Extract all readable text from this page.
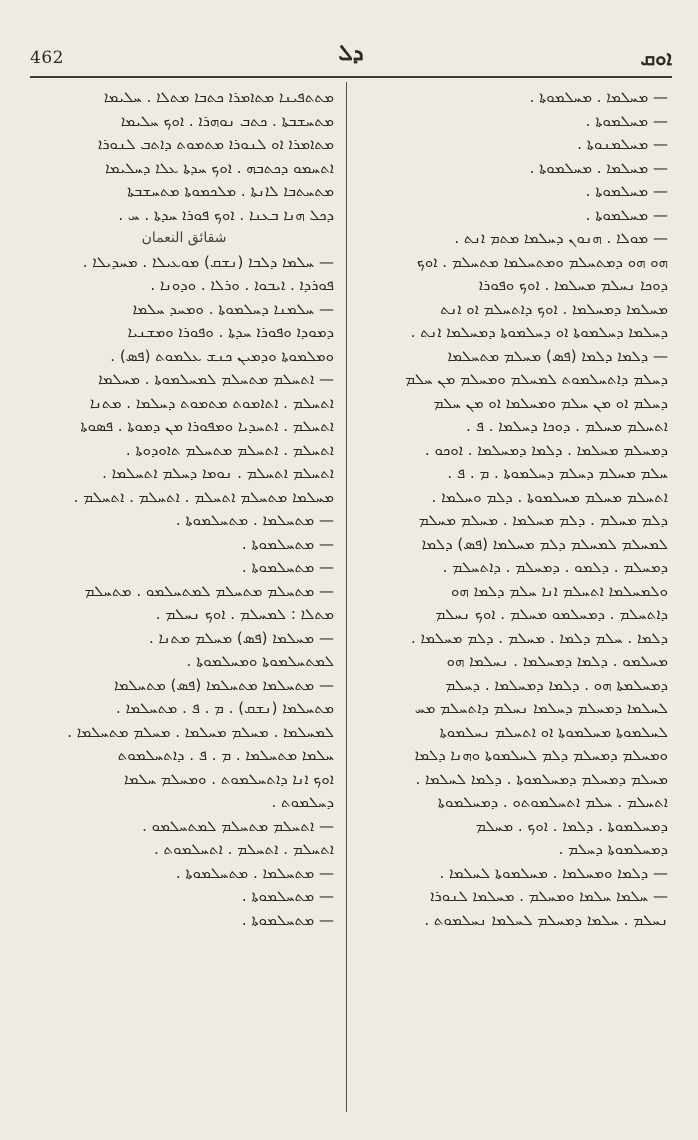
462	ܕܠ	ܐܘܩ

ܡܬܬܦܝܢܐ ܡܬܐܡܪܐ ܟܬܒܐ ܡܬܠܐ . ܚܠܝܡܐ

ܡܬܚܫܒܬܐ . ܟܬܒ ܢܘܗܪܐ . ܐܘܟ ܚܠܝܡܐ

ܡܬܐܡܪܐ ܐܘ ܠܢܘܪܐ ܡܬܡܘܬ ܕܐܬܒ ܠܢܘܪܐ

ܐܬܚܡܘ ܕܟܬܒܗ . ܐܘܟ ܚܕܬܐ ܥܠܐ ܕܚܠܝܡܐ

ܡܬܚܬܒܐ ܠܐܢܬܐ . ܡܠܟܡܘܬܐ ܡܬܚܫܒܬܐ

ܕܟܠ ܗܢܐ ܒܥܢܐ . ܐܘܟ ܦܘܪܐ ܚܕܬܐ . ܚ .

شقائق النعمان

— ܚܠܡܐ ܕܠܒܐ (ܢܫܩ) ܡܘܥܝܠܐ . ܡܚܕܝܠܐ .

ܦܘܪܕܐ . ܐܝܒܘܐ . ܘܪܠܐ . ܘܕܘܢܐ .

— ܚܠܡܢܐ ܕܚܠܡܘܬܐ . ܘܡܚܕ ܚܠܡܐ

ܕܡܘܕܐ ܘܦܘܪܐ ܚܕܬܐ . ܘܦܘܪܐ ܘܡܫܢܝܐ

ܘܡܠܡܘܬܐ ܘܕܡܝܢ ܟܢܫ ܥܠܡܘܬ (ܦܣ) .

— ܐܬܚܠܡ ܡܬܚܠܡ ܠܡܚܠܡܘܬܐ . ܡܚܠܡܐ

ܐܬܚܠܡ . ܐܬܐܡܘܬ ܡܬܡܘܬ ܕܚܠܡܐ . ܡܬܢܐ

ܐܬܚܠܡ . ܐܬܚܕܝܐ ܘܡܦܘܪܐ ܡܢ ܕܡܘܬܐ . ܦܣܘܬܐ

ܐܬܚܠܡ . ܐܬܚܠܡ ܡܬܚܠܡ ܬܐܘܕܘܬܐ .

ܐܬܚܠܡ ܐܬܚܠܡ . ܢܘܡܐ ܕܚܠܡ ܐܬܚܠܡܐ .

ܡܚܠܡܐ ܡܬܚܠܡ ܐܬܚܠܡ . ܐܬܚܠܡ . ܐܬܚܠܡ .

— ܡܬܚܠܡܐ . ܡܬܚܠܡܘܬܐ .

— ܡܬܚܠܡܘܬܐ .

— ܡܬܚܠܡܘܬܐ .

— ܡܬܚܠܡ ܡܬܚܠܡ ܠܡܬܚܠܡܘ . ܡܬܚܠܡ

ܡܬܠܐ : ܠܡܚܠܡ . ܐܘܟ ܢܚܠܡ .

— ܡܚܠܡܐ (ܦܣ) ܡܚܠܡ ܡܬܢܐ .

ܠܡܬܚܠܡܘܬܐ ܘܡܚܠܡܘܬܐ .

— ܡܬܚܠܡܐ ܡܬܚܠܡܐ (ܦܣ) ܡܬܚܠܡܐ

ܡܬܚܠܡܐ (ܢܫܩ) . ܡ . ܦ . ܡܬܚܠܡܐ .

ܠܡܚܠܡܐ . ܡܚܠܡ ܡܚܠܡܐ . ܡܚܠܡ ܡܬܚܠܡܐ .

ܚܠܡܐ ܡܬܚܠܡܐ . ܡ . ܦ . ܕܐܬܚܠܡܘܬ

ܐܘܟ ܐܢܐ ܕܐܬܚܠܡܘܬ . ܘܡܚܠܡ ܚܠܡܐ

ܕܚܠܡܘܬ .

— ܐܬܚܠܡ ܡܬܚܠܡ ܠܡܬܚܠܡܘ .

ܐܬܚܠܡ . ܐܬܚܠܡ . ܐܬܚܠܡܘܬ .

— ܡܬܚܠܡܐ . ܡܬܚܠܡܘܬܐ .

— ܡܬܚܠܡܘܬܐ .

— ܡܬܚܠܡܘܬܐ .

— ܡܚܠܡܐ . ܡܚܠܡܘܬܐ .

— ܡܚܠܡܘܬܐ .

— ܡܚܠܡܢܘܬܐ .

— ܡܚܠܡܐ . ܡܚܠܡܘܬܐ .

— ܡܚܠܡܘܬܐ .

— ܡܚܠܡܘܬܐ .

— ܡܘܠܐ . ܗܢܘܢ ܕܚܠܡܐ ܡܬܡ ܐܢܬ .

ܗܘ ܗܘ ܕܡܬܚܠܡ ܘܡܬܚܠܡܐ ܡܬܚܠܡ . ܐܘܟ

ܕܘܟܐ ܢܚܠܡ ܡܚܠܡܐ . ܐܘܟ ܘܦܘܪܐ

ܡܚܠܡܐ ܕܡܚܠܡܐ . ܐܘܟ ܕܐܬܚܠܡ ܐܘ ܐܢܬ

ܕܚܠܡܐ ܕܚܠܡܘܬܐ ܐܘ ܕܚܠܡܘܬܐ ܕܡܚܠܡܐ ܐܢܬ .

— ܕܠܡܐ ܕܠܡܐ (ܦܣ) ܡܚܠܡ ܡܬܚܠܡܐ

ܕܚܠܡ ܕܐܬܚܠܡܘܬ ܠܡܚܠܡ ܘܡܚܠܡ ܡܢ ܚܠܡ

ܕܚܠܡ ܐܘ ܡܢ ܚܠܡ ܘܡܚܠܡܐ ܐܘ ܡܢ ܚܠܡ

ܐܬܚܠܡ ܡܚܠܡ . ܕܘܟܐ ܕܚܠܡܐ . ܦ .

ܕܡܚܠܡ ܡܚܠܡܐ . ܕܠܡܐ ܕܡܚܠܡܐ . ܐܘܟܘ .

ܚܠܡ ܡܚܠܡ ܕܚܠܡ ܕܚܠܡܘܬܐ . ܡ . ܦ .

ܐܬܚܠܡ ܡܚܠܡ ܡܚܠܡܘܬܐ . ܕܠܡ ܘܚܠܡܐ .

ܕܠܡ ܡܚܠܡ . ܕܠܡ ܡܚܠܡܐ . ܡܚܠܡ ܡܚܠܡ

ܠܡܚܠܡ ܠܡܚܠܡ ܕܠܡ ܡܚܠܡܐ (ܦܣ) ܕܠܡܐ

ܕܡܚܠܡ . ܕܠܡܘ . ܕܡܚܠܡ . ܕܐܬܚܠܡ .

ܘܠܡܚܠܡܐ ܐܬܚܠܡ ܐܢܐ ܚܠܡ ܕܠܡܐ ܗܘ

ܕܐܬܚܠܡ . ܕܡܚܠܡܘ ܡܚܠܡ . ܐܘܟ ܢܚܠܡ

ܕܠܡܐ . ܚܠܡ ܕܠܡܐ . ܡܚܠܡ . ܕܠܡ ܡܚܠܡܐ .

ܡܚܠܡܘ . ܕܠܡܐ ܕܡܚܠܡܐ . ܢܚܠܡܐ ܗܘ

ܕܡܚܠܡܬܐ ܗܘ . ܕܠܡܐ ܕܡܚܠܡܐ . ܕܚܠܡ

ܠܚܠܡܐ ܕܡܚܠܡ ܕܚܠܡܐ ܢܚܠܡ ܕܐܬܚܠܡ ܡܚ

ܠܚܠܡܘܬܐ ܡܚܠܡܘܬܐ ܐܘ ܐܬܚܠܡ ܢܚܠܡܘܬܐ

ܘܡܚܠܡ ܕܡܚܠܡ ܕܠܡ ܠܚܠܡܘܬܐ ܘܗܢܐ ܕܠܡܐ

ܡܚܠܡ ܕܡܚܠܡ ܕܡܚܠܡܘܬܐ . ܕܠܡܐ ܠܚܠܡܐ .

ܐܬܚܠܡ . ܚܠܡ ܐܬܚܠܡܘܬܘ . ܕܡܚܠܡܘܬܐ

ܕܡܚܠܡܘܬܐ . ܕܠܡܐ . ܐܘܟ . ܡܚܠܡ

ܕܡܚܠܡܘܬܐ ܕܚܠܡ .

— ܕܠܡܐ ܘܡܚܠܡܐ . ܡܚܠܡܘܬܐ ܠܚܠܡܐ .

— ܚܠܡܐ ܚܠܡܐ ܘܡܚܠܡ . ܡܚܠܡܐ ܠܢܘܪܐ

ܢܚܠܡ . ܚܠܡܐ ܕܡܚܠܡ ܠܚܠܡܐ ܢܚܠܡܘܬ .
